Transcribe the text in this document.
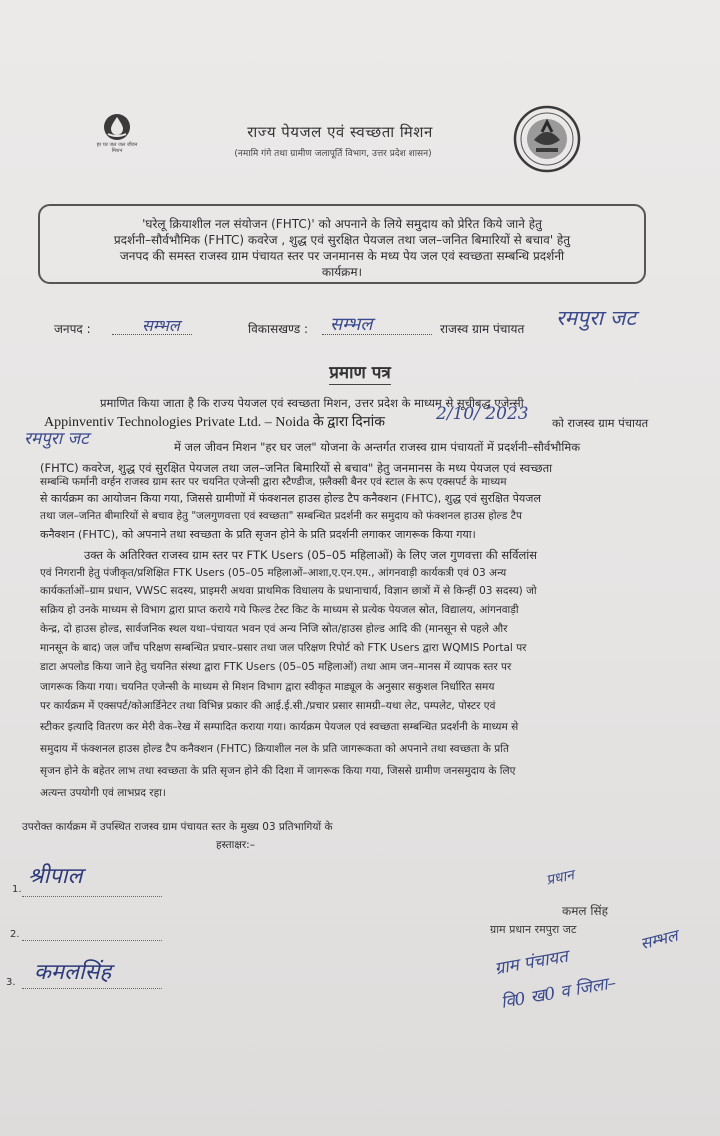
हर घर जल जल जीवन मिशन
राज्य पेयजल एवं स्वच्छता मिशन
(नमामि गंगे तथा ग्रामीण जलापूर्ति विभाग, उत्तर प्रदेश शासन)
'घरेलू क्रियाशील नल संयोजन (FHTC)' को अपनाने के लिये समुदाय को प्रेरित किये जाने हेतु
प्रदर्शनी–सौर्वभौमिक (FHTC) कवरेज , शुद्ध एवं सुरक्षित पेयजल तथा जल–जनित बिमारियों से बचाव' हेतु
जनपद की समस्त राजस्व ग्राम पंचायत स्तर पर जनमानस के मध्य पेय जल एवं स्वच्छता सम्बन्धि प्रदर्शनी
कार्यक्रम।
जनपद :	सम्भल	विकासखण्ड : सम्भल	राजस्व ग्राम पंचायत रमपुरा जट
प्रमाण पत्र
प्रमाणित किया जाता है कि राज्य पेयजल एवं स्वच्छता मिशन, उत्तर प्रदेश के माध्यम से सूचीबद्ध एजेन्सी
Appinventiv Technologies Private Ltd. – Noida के द्वारा दिनांक	2/10/ 2023 को राजस्व ग्राम पंचायत
रमपुरा जट	में जल जीवन मिशन "हर घर जल" योजना के अन्तर्गत राजस्व ग्राम पंचायतों में प्रदर्शनी–सौर्वभौमिक
(FHTC) कवरेज, शुद्ध एवं सुरक्षित पेयजल तथा जल–जनित बिमारियों से बचाव" हेतु जनमानस के मध्य पेयजल एवं स्वच्छता
सम्बन्धि फर्मानी वर्ग्हन राजस्व ग्राम स्तर पर चयनित एजेन्सी द्वारा स्टैण्डीज, फ़्लैक्सी बैनर एवं स्टाल के रूप एक्सपर्ट के माध्यम
से कार्यक्रम का आयोजन किया गया, जिससे ग्रामीणों में फंक्शनल हाउस होल्ड टैप कनैक्शन (FHTC), शुद्ध एवं सुरक्षित पेयजल
तथा जल–जनित बीमारियों से बचाव हेतु "जलगुणवत्ता एवं स्वच्छता" सम्बन्धित प्रदर्शनी कर समुदाय को फंक्शनल हाउस होल्ड टैप
कनैक्शन (FHTC), को अपनाने तथा स्वच्छता के प्रति सृजन होने के प्रति प्रदर्शनी लगाकर जागरूक किया गया।
उक्त के अतिरिक्त राजस्व ग्राम स्तर पर FTK Users (05–05 महिलाओं) के लिए जल गुणवत्ता की सर्विलांस
एवं निगरानी हेतु पंजीकृत/प्रशिक्षित FTK Users (05–05 महिलाओं–आशा,ए.एन.एम., आंगनवाड़ी कार्यकत्री एवं 03 अन्य
कार्यकर्ताओं–ग्राम प्रधान, VWSC सदस्य, प्राइमरी अथवा प्राथमिक विधालय के प्रधानाचार्य, विज्ञान छात्रों में से किन्हीं 03 सदस्य) जो
सक्रिय हो उनके माध्यम से विभाग द्वारा प्राप्त कराये गये फिल्ड टेस्ट किट के माध्यम से प्रत्येक पेयजल स्रोत, विद्यालय, आंगनवाड़ी
केन्द्र, दो हाउस होल्ड, सार्वजनिक स्थल यथा–पंचायत भवन एवं अन्य निजि स्रोत/हाउस होल्ड आदि की (मानसून से पहले और
मानसून के बाद) जल जाँच परिक्षण सम्बन्धित प्रचार–प्रसार तथा जल परिक्षण रिपोर्ट को FTK Users द्वारा WQMIS Portal पर
डाटा अपलोड किया जाने हेतु चयनित संस्था द्वारा FTK Users (05–05 महिलाओं) तथा आम जन–मानस में व्यापक स्तर पर
जागरूक किया गया। चयनित एजेन्सी के माध्यम से मिशन विभाग द्वारा स्वीकृत माड्यूल के अनुसार सकुशल निर्धारित समय
पर कार्यक्रम में एक्सपर्ट/कोआर्डिनेटर तथा विभिन्न प्रकार की आई.ई.सी./प्रचार प्रसार सामग्री–यथा लेट, पम्पलेट, पोस्टर एवं
स्टीकर इत्यादि वितरण कर मेरी वेक–रेख में सम्पादित कराया गया। कार्यक्रम पेयजल एवं स्वच्छता सम्बन्धित प्रदर्शनी के माध्यम से
समुदाय में फंक्शनल हाउस होल्ड टैप कनैक्शन (FHTC) क्रियाशील नल के प्रति जागरूकता को अपनाने तथा स्वच्छता के प्रति
सृजन होने के बहेतर लाभ तथा स्वच्छता के प्रति सृजन होने की दिशा में जागरूक किया गया, जिससे ग्रामीण जनसमुदाय के लिए
अत्यन्त उपयोगी एवं लाभप्रद रहा।
उपरोक्त कार्यक्रम में उपस्थित राजस्व ग्राम पंचायत स्तर के मुख्य 03 प्रतिभागियों के
हस्ताक्षर:–
1.
श्रीपाल
2.
3. कमलसिंह
प्रधान
कमल सिंह
ग्राम प्रधान रमपुरा जट
ग्राम पंचायत
सम्भल
वि0 ख0 व जिला–
